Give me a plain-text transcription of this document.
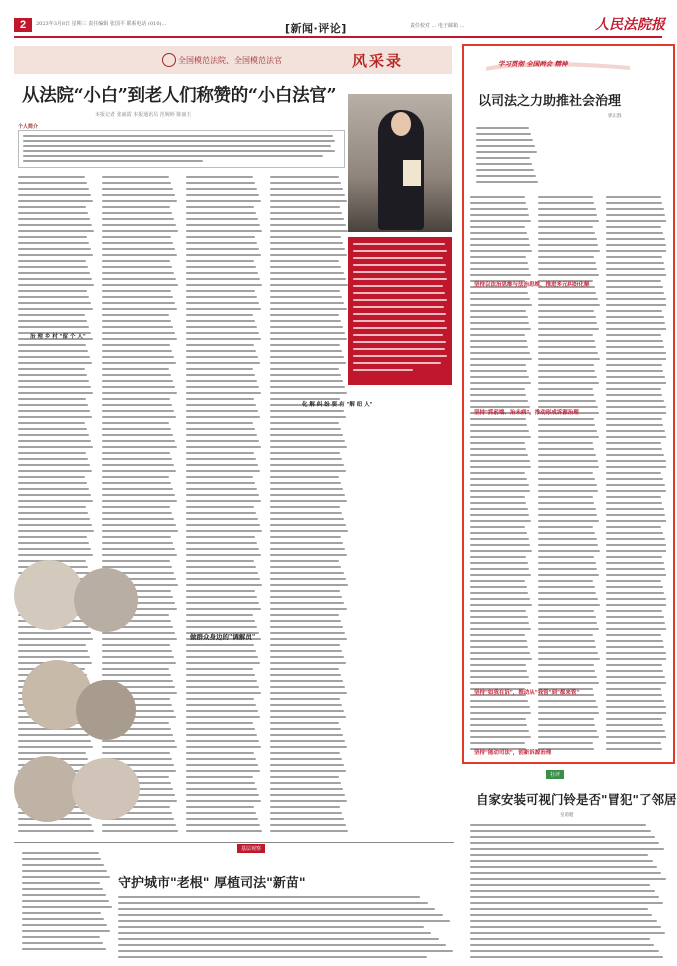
2	2023年3月8日 星期三 责任编辑 张国平 联系电话 (010)...	[新闻·评论]	责任校对 ... 电子邮箱 ...	人民法院报
全国模范法院、全国模范法官	风采录
从法院“小白”到老人们称赞的“小白法官”
本报记者 张丽霞 本报通讯员 范婉婷 陈丽玉
个人简介
治 理 乡 村 "留 个 人"
化 解 纠 纷 要 有 "解 纽 人"
做群众身边的"调解员"
学习贯彻 全国两会 精神
以司法之力助推社会治理
郭正群
坚持以法治思维与法治思维，推进多元纠纷化解
坚持"抓前端、治未病"，推动形成诉源治理
坚持"如我在诉"，推动从"我管"到"都来管"
坚持"能动司法"，创新诉源治理
社评
自家安装可视门铃是否"冒犯"了邻居
皇甫健
基层观察
守护城市"老根" 厚植司法"新苗"
